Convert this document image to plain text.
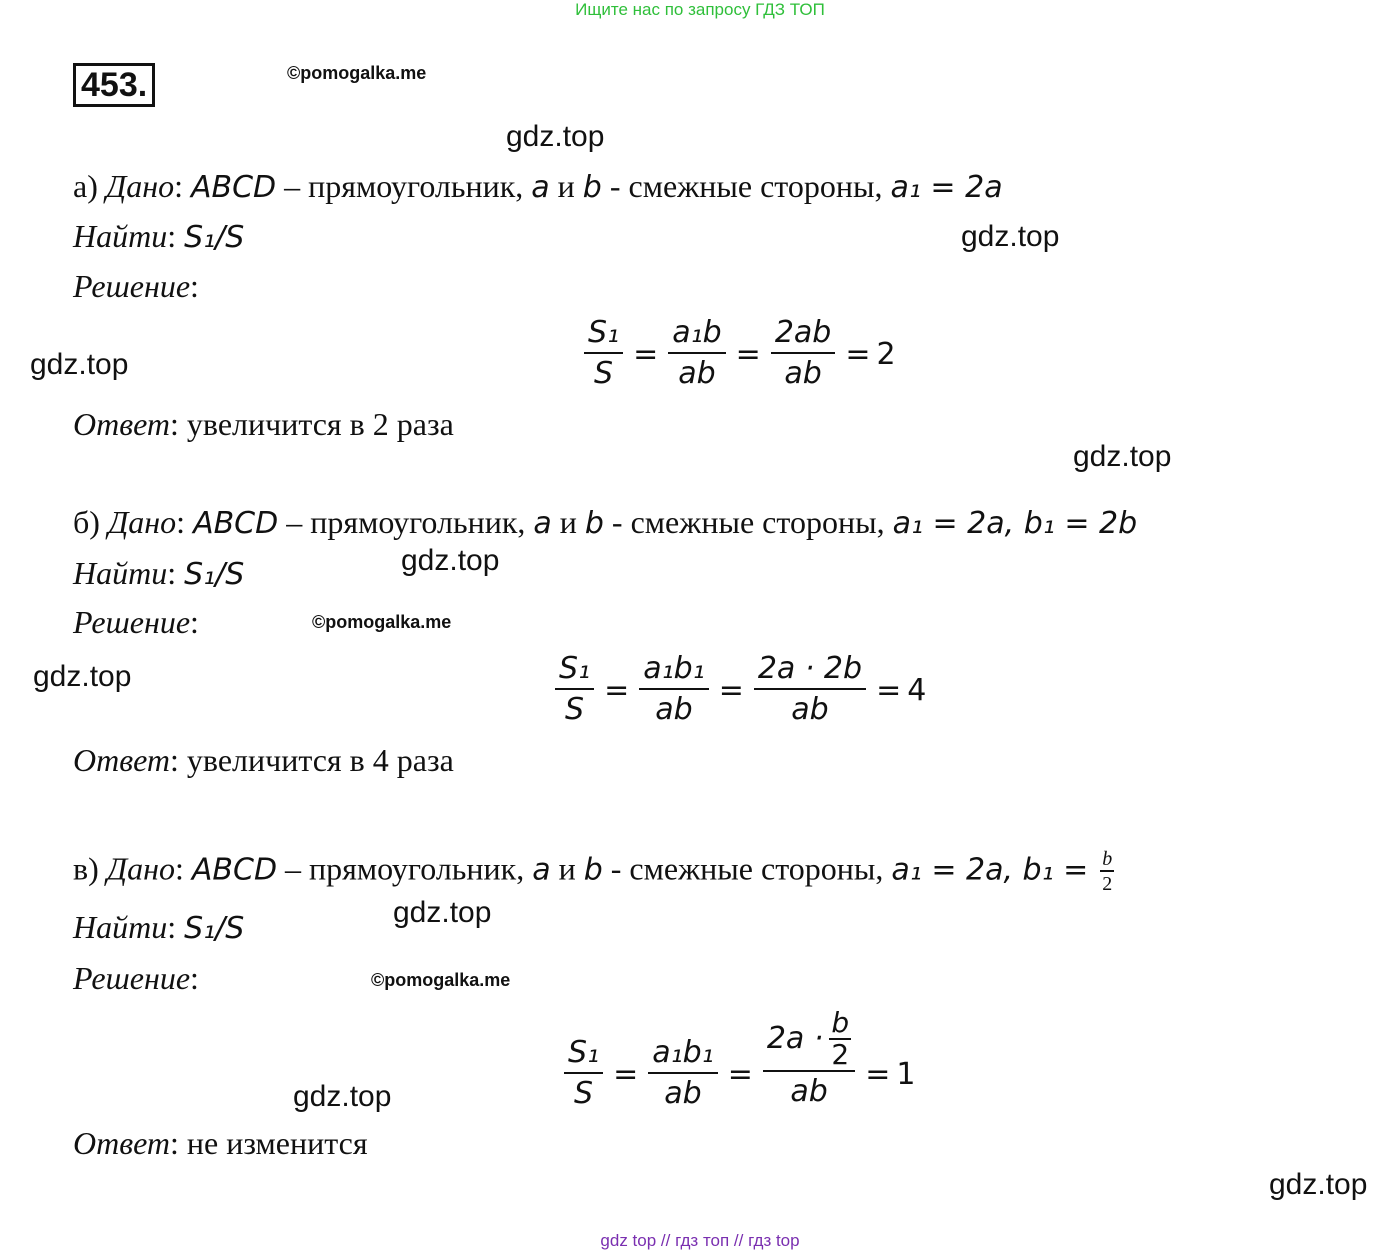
Ищите нас по запросу ГДЗ ТОП
453.	©pomogalka.me
gdz.top
gdz.top
gdz.top
gdz.top
gdz.top
©pomogalka.me
gdz.top
gdz.top
©pomogalka.me
gdz.top
gdz.top
а) Дано: ABCD – прямоугольник, a и b - смежные стороны, a₁ = 2a
Найти: S₁/S
Решение:
$\frac{\text{S₁}}{S} = \frac{\text{a₁b}}{ab} = \frac{2ab}{ab} = 2$
Ответ: увеличится в 2 раза
б) Дано: ABCD – прямоугольник, a и b - смежные стороны, a₁ = 2a, b₁ = 2b
Найти: S₁/S
Решение:
$\frac{\text{S₁}}{S} = \frac{\text{a₁b₁}}{ab} = \frac{2a \cdot 2b}{ab} = 4$
Ответ: увеличится в 4 раза
в) Дано: ABCD – прямоугольник, a и b - смежные стороны, a₁ = 2a, $b_1 = \frac{b}{2}$
Найти: S₁/S
Решение:
$\frac{\text{S₁}}{S} = \frac{\text{a₁b₁}}{ab} = \frac{2a \cdot \frac{b}{2}}{ab} = 1$
Ответ: не изменится
gdz top // гдз топ // гдз top
